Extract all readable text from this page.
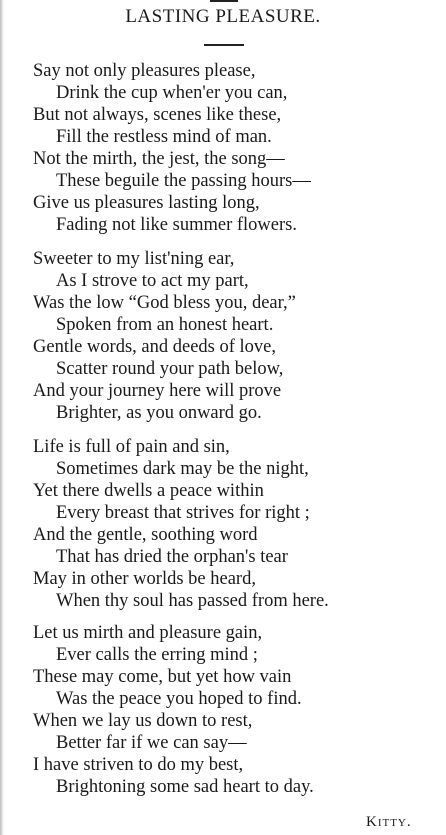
LASTING PLEASURE.
Say not only pleasures please,
Drink the cup when'er you can,
But not always, scenes like these,
Fill the restless mind of man.
Not the mirth, the jest, the song—
These beguile the passing hours—
Give us pleasures lasting long,
Fading not like summer flowers.
Sweeter to my list'ning ear,
As I strove to act my part,
Was the low “God bless you, dear,”
Spoken from an honest heart.
Gentle words, and deeds of love,
Scatter round your path below,
And your journey here will prove
Brighter, as you onward go.
Life is full of pain and sin,
Sometimes dark may be the night,
Yet there dwells a peace within
Every breast that strives for right ;
And the gentle, soothing word
That has dried the orphan's tear
May in other worlds be heard,
When thy soul has passed from here.
Let us mirth and pleasure gain,
Ever calls the erring mind ;
These may come, but yet how vain
Was the peace you hoped to find.
When we lay us down to rest,
Better far if we can say—
I have striven to do my best,
Brightoning some sad heart to day.
Kitty.
